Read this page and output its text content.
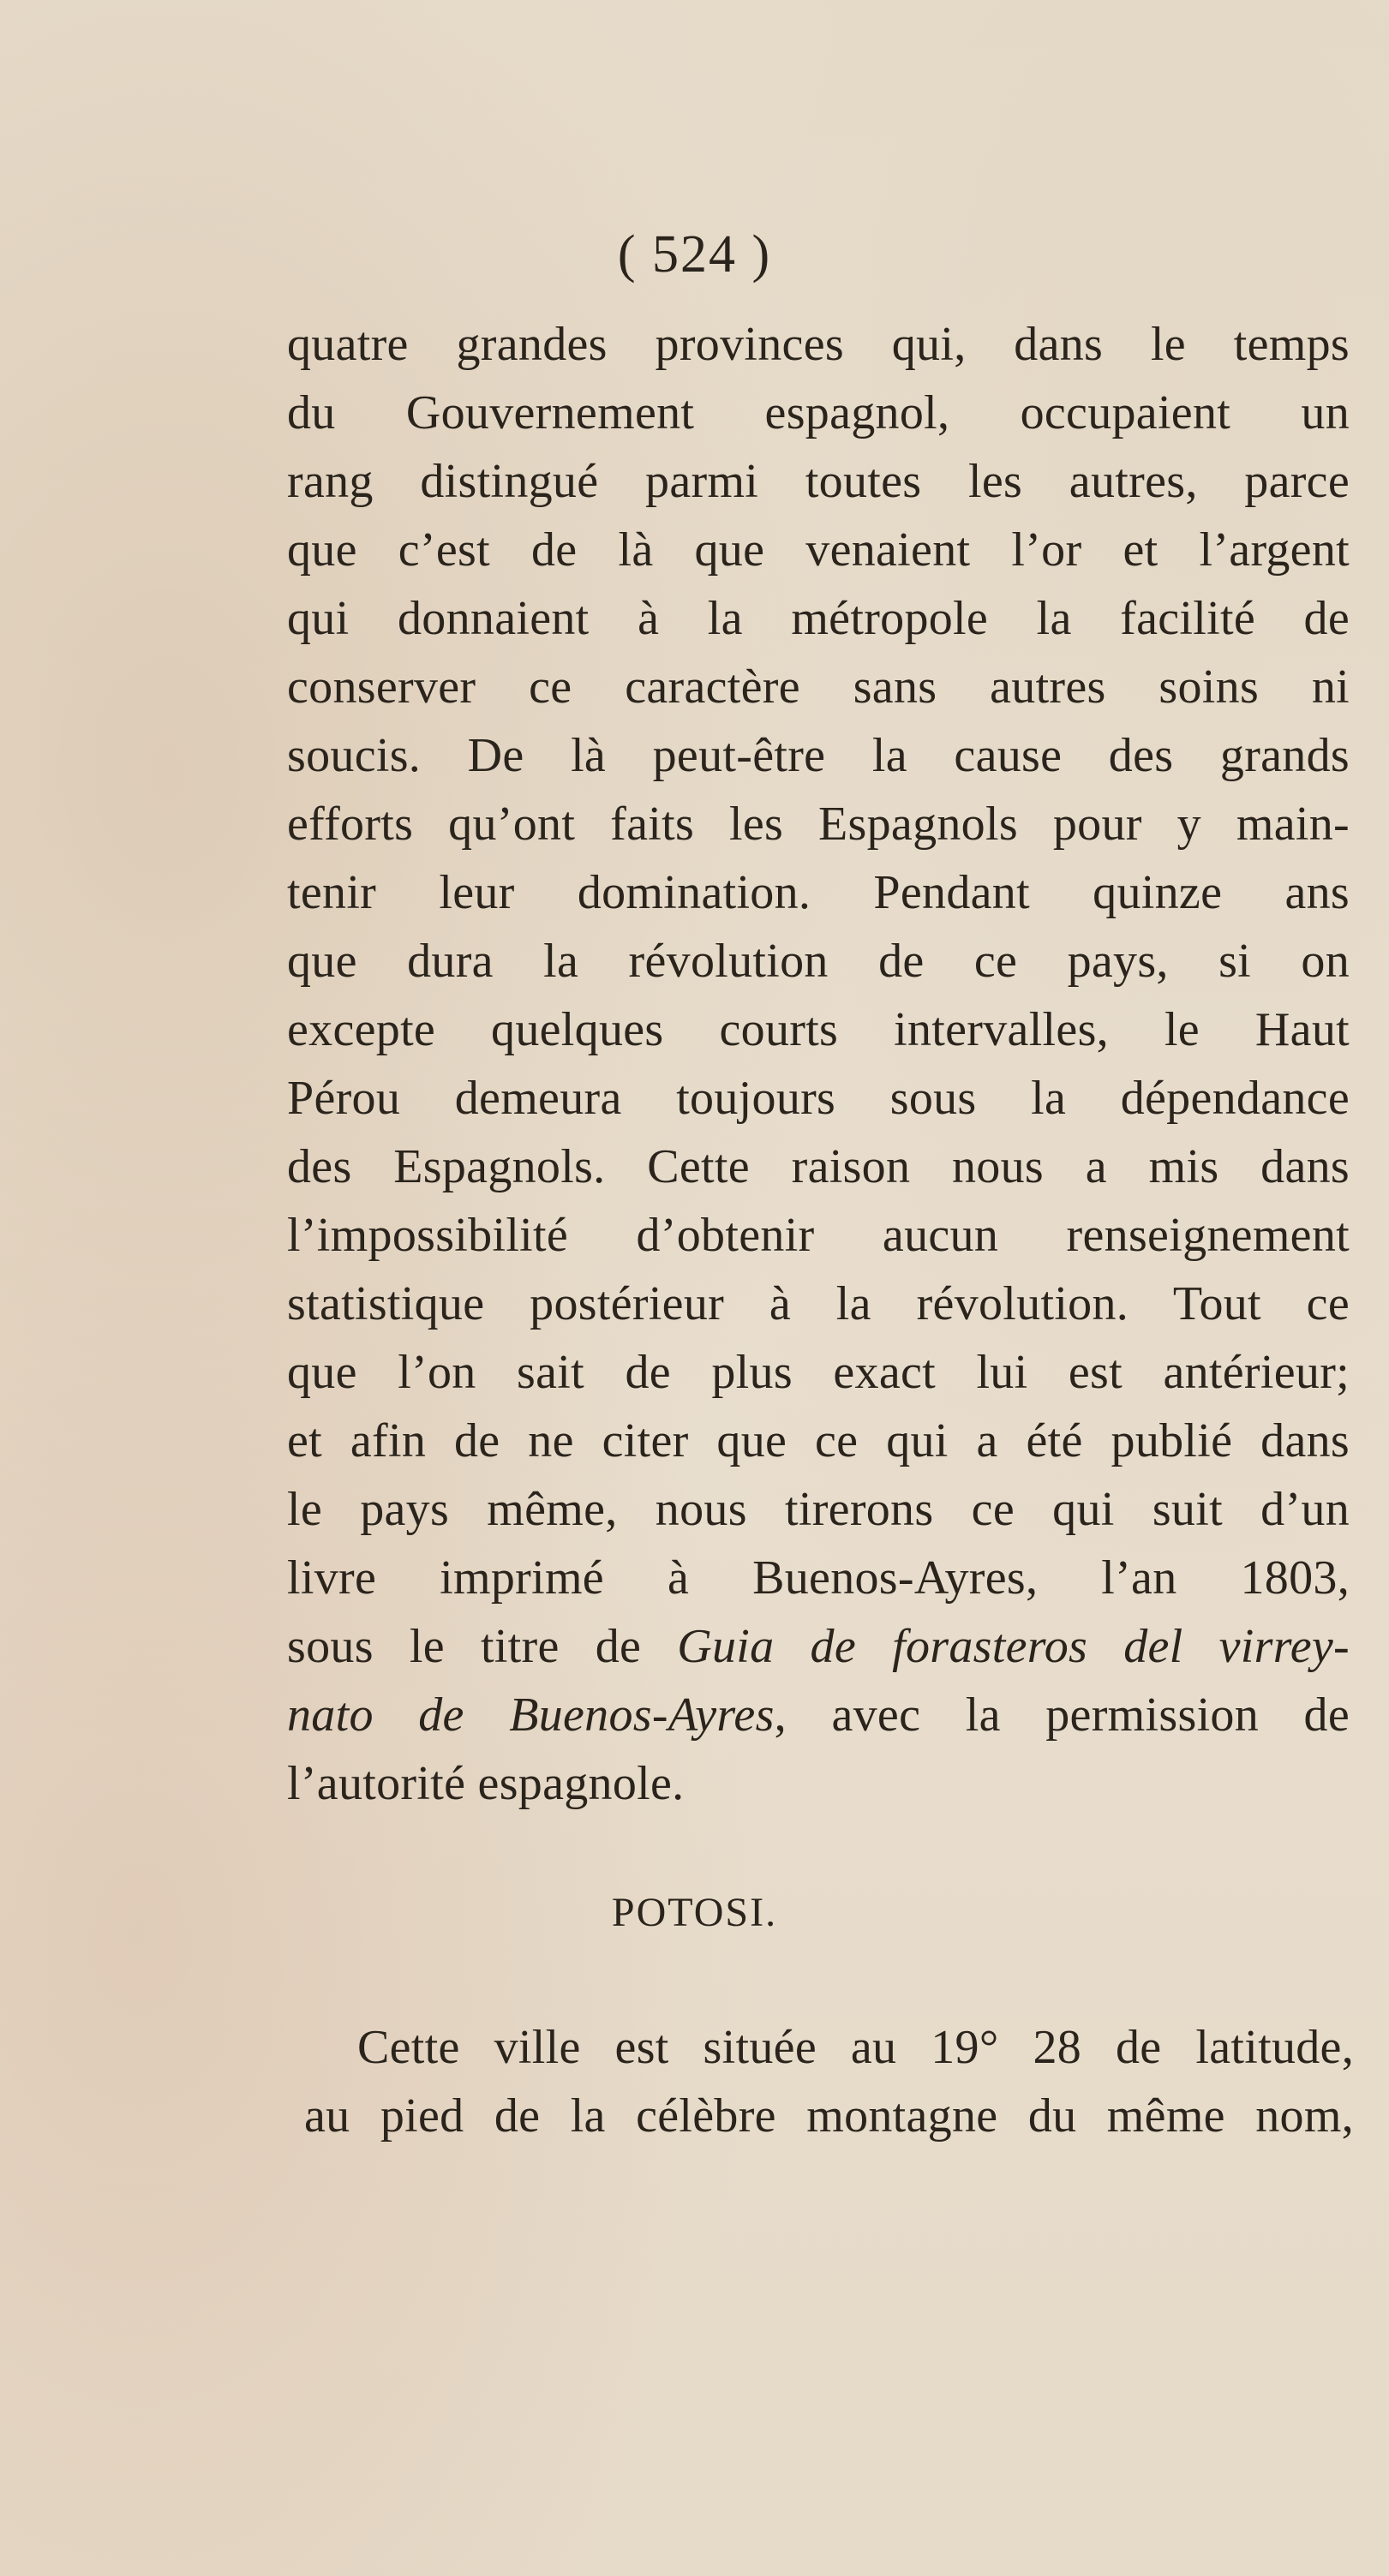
( 524 )
quatre grandes provinces qui, dans le temps
du Gouvernement espagnol, occupaient un
rang distingué parmi toutes les autres, parce
que c’est de là que venaient l’or et l’argent
qui donnaient à la métropole la facilité de
conserver ce caractère sans autres soins ni
soucis. De là peut-être la cause des grands
efforts qu’ont faits les Espagnols pour y main-
tenir leur domination. Pendant quinze ans
que dura la révolution de ce pays, si on
excepte quelques courts intervalles, le Haut
Pérou demeura toujours sous la dépendance
des Espagnols. Cette raison nous a mis dans
l’impossibilité d’obtenir aucun renseignement
statistique postérieur à la révolution. Tout ce
que l’on sait de plus exact lui est antérieur;
et afin de ne citer que ce qui a été publié dans
le pays même, nous tirerons ce qui suit d’un
livre imprimé à Buenos-Ayres, l’an 1803,
sous le titre de Guia de forasteros del virrey-
nato de Buenos-Ayres, avec la permission de
l’autorité espagnole.
POTOSI.
Cette ville est située au 19° 28 de latitude,
au pied de la célèbre montagne du même nom,
